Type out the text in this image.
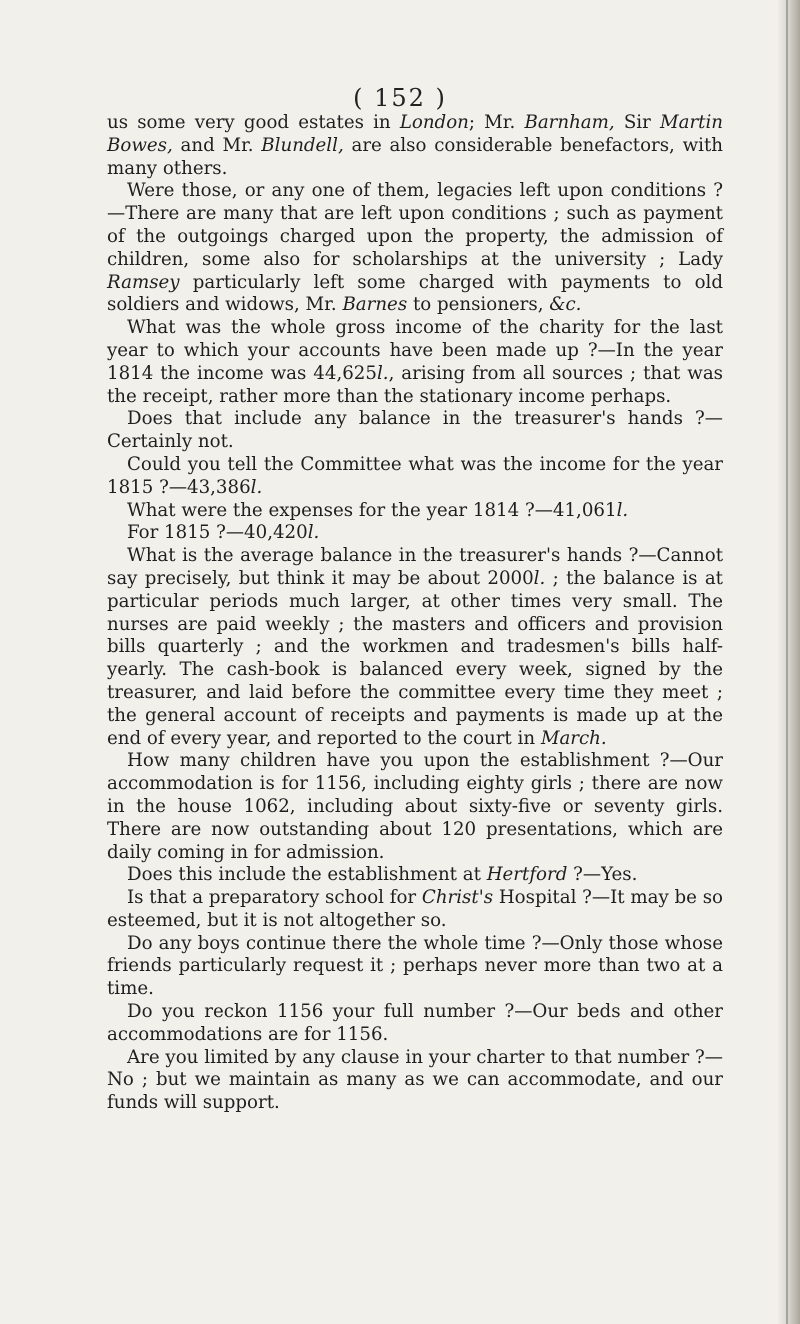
( 152 )

us some very good estates in London; Mr. Barnham, Sir Martin Bowes, and Mr. Blundell, are also considerable benefactors, with many others.

Were those, or any one of them, legacies left upon conditions ?—There are many that are left upon conditions ; such as payment of the outgoings charged upon the property, the admission of children, some also for scholarships at the university ; Lady Ramsey particularly left some charged with payments to old soldiers and widows, Mr. Barnes to pensioners, &c.

What was the whole gross income of the charity for the last year to which your accounts have been made up ?—In the year 1814 the income was 44,625l., arising from all sources ; that was the receipt, rather more than the stationary income perhaps.

Does that include any balance in the treasurer's hands ?—Certainly not.

Could you tell the Committee what was the income for the year 1815 ?—43,386l.

What were the expenses for the year 1814 ?—41,061l.

For 1815 ?—40,420l.

What is the average balance in the treasurer's hands ?—Cannot say precisely, but think it may be about 2000l. ; the balance is at particular periods much larger, at other times very small. The nurses are paid weekly ; the masters and officers and provision bills quarterly ; and the workmen and tradesmen's bills half-yearly. The cash-book is balanced every week, signed by the treasurer, and laid before the committee every time they meet ; the general account of receipts and payments is made up at the end of every year, and reported to the court in March.

How many children have you upon the establishment ?—Our accommodation is for 1156, including eighty girls ; there are now in the house 1062, including about sixty-five or seventy girls. There are now outstanding about 120 presentations, which are daily coming in for admission.

Does this include the establishment at Hertford ?—Yes.

Is that a preparatory school for Christ's Hospital ?—It may be so esteemed, but it is not altogether so.

Do any boys continue there the whole time ?—Only those whose friends particularly request it ; perhaps never more than two at a time.

Do you reckon 1156 your full number ?—Our beds and other accommodations are for 1156.

Are you limited by any clause in your charter to that number ?—No ; but we maintain as many as we can accommodate, and our funds will support.
